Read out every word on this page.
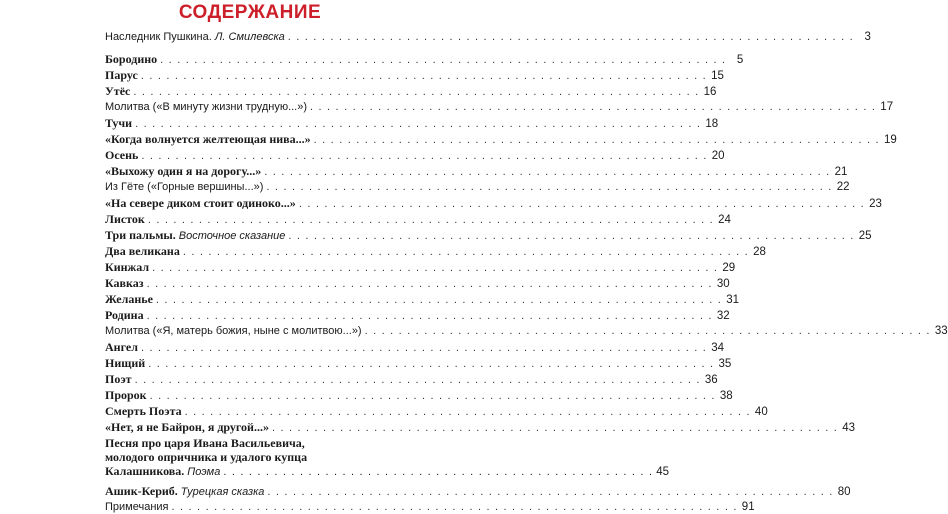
СОДЕРЖАНИЕ
Наследник Пушкина. Л. Смилевска . . .	3
Бородино . . .	5
Парус . . .	15
Утёс . . .	16
Молитва («В минуту жизни трудную...») . . .	17
Тучи . . .	18
«Когда волнуется желтеющая нива...» . . .	19
Осень . . .	20
«Выхожу один я на дорогу...» . . .	21
Из Гёте («Горные вершины...») . . .	22
«На севере диком стоит одиноко...» . . .	23
Листок . . .	24
Три пальмы. Восточное сказание . . .	25
Два великана . . .	28
Кинжал . . .	29
Кавказ . . .	30
Желанье . . .	31
Родина . . .	32
Молитва («Я, матерь божия, ныне с молитвою...») . . .	33
Ангел . . .	34
Нищий . . .	35
Поэт . . .	36
Пророк . . .	38
Смерть Поэта . . .	40
«Нет, я не Байрон, я другой...» . . .	43
Песня про царя Ивана Васильевича,
молодого опричника и удалого купца
Калашникова. Поэма . . .	45
Ашик-Кериб. Турецкая сказка . . .	80
Примечания . . .	91
